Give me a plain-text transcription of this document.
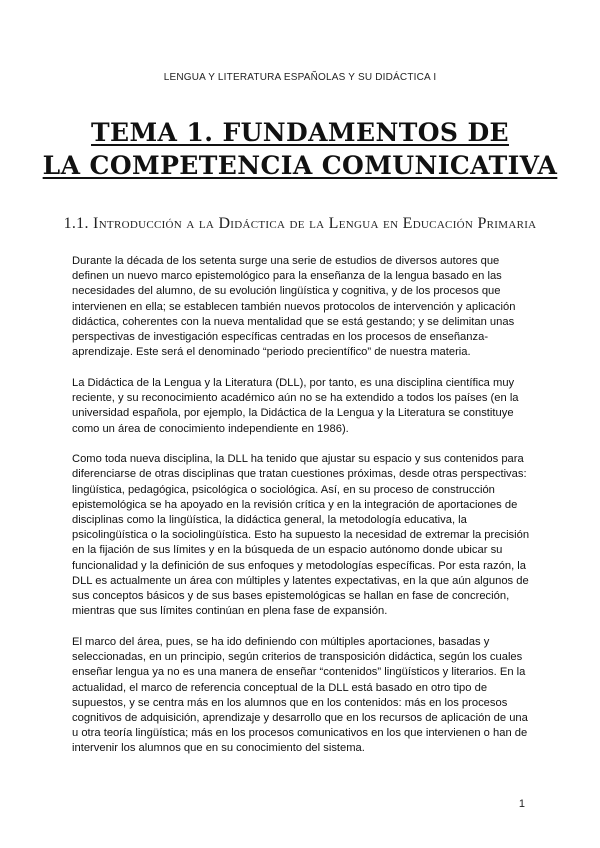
LENGUA Y LITERATURA ESPAÑOLAS Y SU DIDÁCTICA I
TEMA 1. FUNDAMENTOS DE
LA COMPETENCIA COMUNICATIVA
1.1. Introducción a la Didáctica de la Lengua en Educación Primaria

Durante la década de los setenta surge una serie de estudios de diversos autores que definen un nuevo marco epistemológico para la enseñanza de la lengua basado en las necesidades del alumno, de su evolución lingüística y cognitiva, y de los procesos que intervienen en ella; se establecen también nuevos protocolos de intervención y aplicación didáctica, coherentes con la nueva mentalidad que se está gestando; y se delimitan unas perspectivas de investigación específicas centradas en los procesos de enseñanza-aprendizaje. Este será el denominado “periodo precientífico” de nuestra materia.

La Didáctica de la Lengua y la Literatura (DLL), por tanto, es una disciplina científica muy reciente, y su reconocimiento académico aún no se ha extendido a todos los países (en la universidad española, por ejemplo, la Didáctica de la Lengua y la Literatura se constituye como un área de conocimiento independiente en 1986).

Como toda nueva disciplina, la DLL ha tenido que ajustar su espacio y sus contenidos para diferenciarse de otras disciplinas que tratan cuestiones próximas, desde otras perspectivas: lingüística, pedagógica, psicológica o sociológica. Así, en su proceso de construcción epistemológica se ha apoyado en la revisión crítica y en la integración de aportaciones de disciplinas como la lingüística, la didáctica general, la metodología educativa, la psicolingüística o la sociolingüística. Esto ha supuesto la necesidad de extremar la precisión en la fijación de sus límites y en la búsqueda de un espacio autónomo donde ubicar su funcionalidad y la definición de sus enfoques y metodologías específicas. Por esta razón, la DLL es actualmente un área con múltiples y latentes expectativas, en la que aún algunos de sus conceptos básicos y de sus bases epistemológicas se hallan en fase de concreción, mientras que sus límites continúan en plena fase de expansión.

El marco del área, pues, se ha ido definiendo con múltiples aportaciones, basadas y seleccionadas, en un principio, según criterios de transposición didáctica, según los cuales enseñar lengua ya no es una manera de enseñar “contenidos” lingüísticos y literarios. En la actualidad, el marco de referencia conceptual de la DLL está basado en otro tipo de supuestos, y se centra más en los alumnos que en los contenidos: más en los procesos cognitivos de adquisición, aprendizaje y desarrollo que en los recursos de aplicación de una u otra teoría lingüística; más en los procesos comunicativos en los que intervienen o han de intervenir los alumnos que en su conocimiento del sistema.

1
